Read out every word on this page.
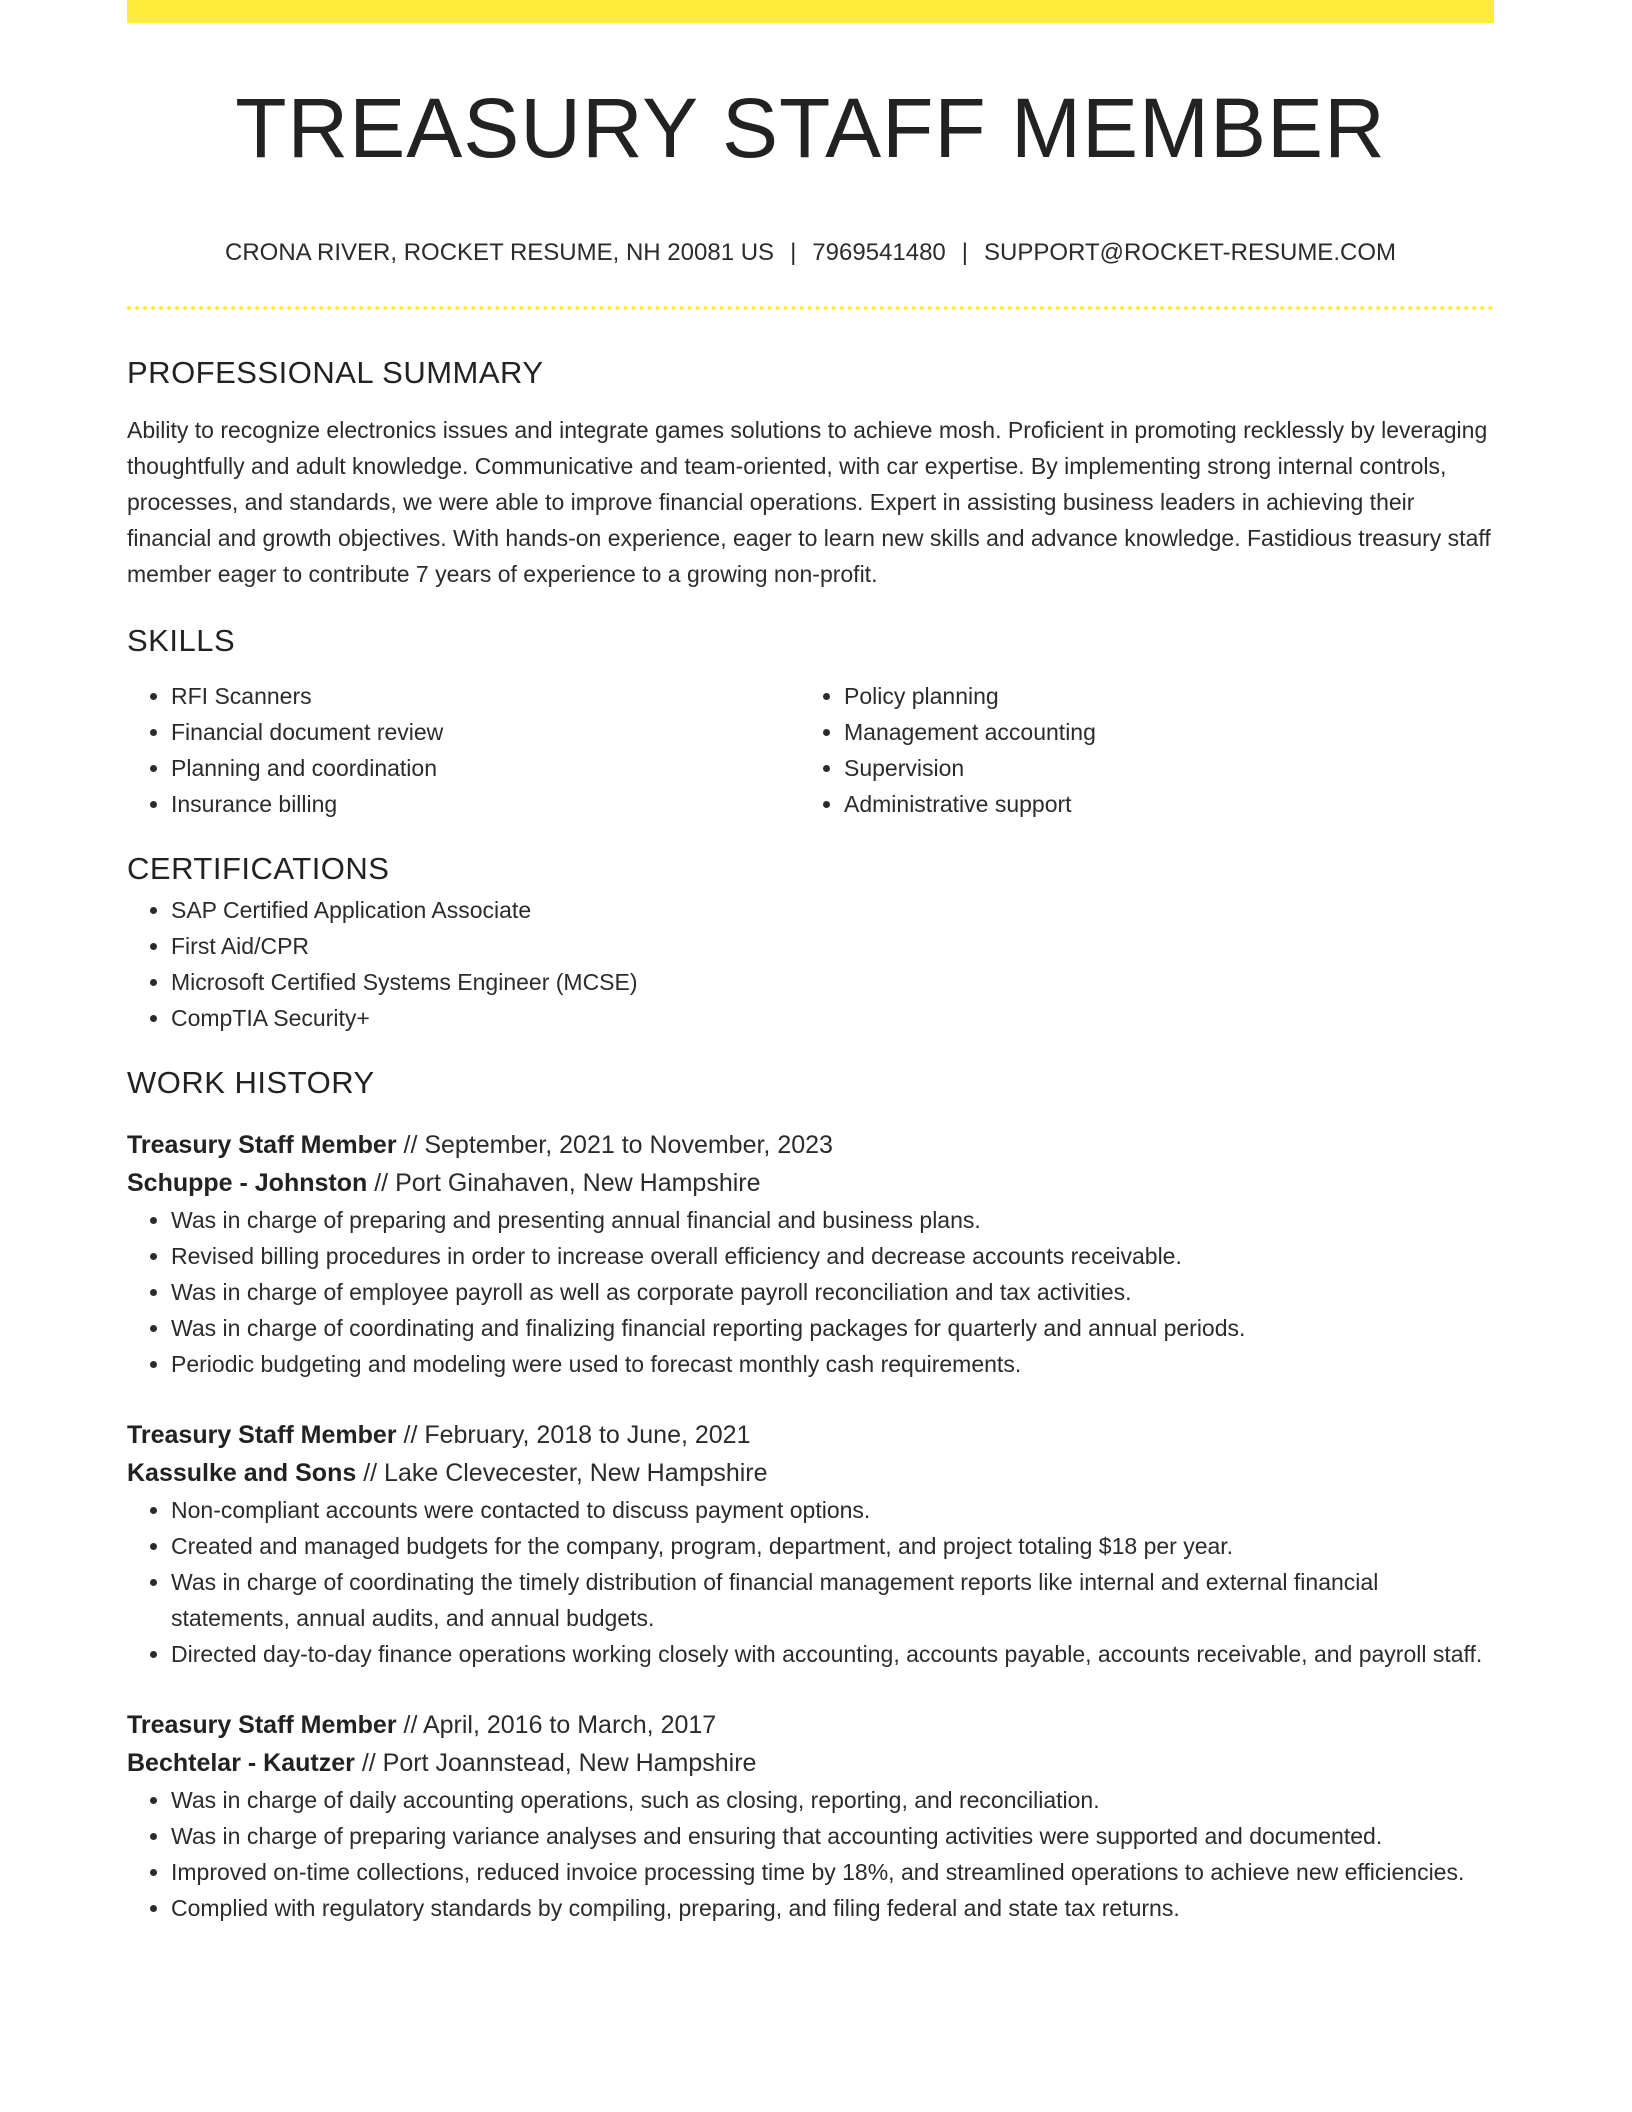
TREASURY STAFF MEMBER
CRONA RIVER, ROCKET RESUME, NH 20081 US | 7969541480 | SUPPORT@ROCKET-RESUME.COM
PROFESSIONAL SUMMARY

Ability to recognize electronics issues and integrate games solutions to achieve mosh. Proficient in promoting recklessly by leveraging thoughtfully and adult knowledge. Communicative and team-oriented, with car expertise. By implementing strong internal controls, processes, and standards, we were able to improve financial operations. Expert in assisting business leaders in achieving their financial and growth objectives. With hands-on experience, eager to learn new skills and advance knowledge. Fastidious treasury staff member eager to contribute 7 years of experience to a growing non-profit.

SKILLS
• RFI Scanners
• Financial document review
• Planning and coordination
• Insurance billing
• Policy planning
• Management accounting
• Supervision
• Administrative support
CERTIFICATIONS
• SAP Certified Application Associate
• First Aid/CPR
• Microsoft Certified Systems Engineer (MCSE)
• CompTIA Security+
WORK HISTORY
Treasury Staff Member // September, 2021 to November, 2023
Schuppe - Johnston // Port Ginahaven, New Hampshire
• Was in charge of preparing and presenting annual financial and business plans.
• Revised billing procedures in order to increase overall efficiency and decrease accounts receivable.
• Was in charge of employee payroll as well as corporate payroll reconciliation and tax activities.
• Was in charge of coordinating and finalizing financial reporting packages for quarterly and annual periods.
• Periodic budgeting and modeling were used to forecast monthly cash requirements.
Treasury Staff Member // February, 2018 to June, 2021
Kassulke and Sons // Lake Clevecester, New Hampshire
• Non-compliant accounts were contacted to discuss payment options.
• Created and managed budgets for the company, program, department, and project totaling $18 per year.
• Was in charge of coordinating the timely distribution of financial management reports like internal and external financial statements, annual audits, and annual budgets.
• Directed day-to-day finance operations working closely with accounting, accounts payable, accounts receivable, and payroll staff.
Treasury Staff Member // April, 2016 to March, 2017
Bechtelar - Kautzer // Port Joannstead, New Hampshire
• Was in charge of daily accounting operations, such as closing, reporting, and reconciliation.
• Was in charge of preparing variance analyses and ensuring that accounting activities were supported and documented.
• Improved on-time collections, reduced invoice processing time by 18%, and streamlined operations to achieve new efficiencies.
• Complied with regulatory standards by compiling, preparing, and filing federal and state tax returns.
